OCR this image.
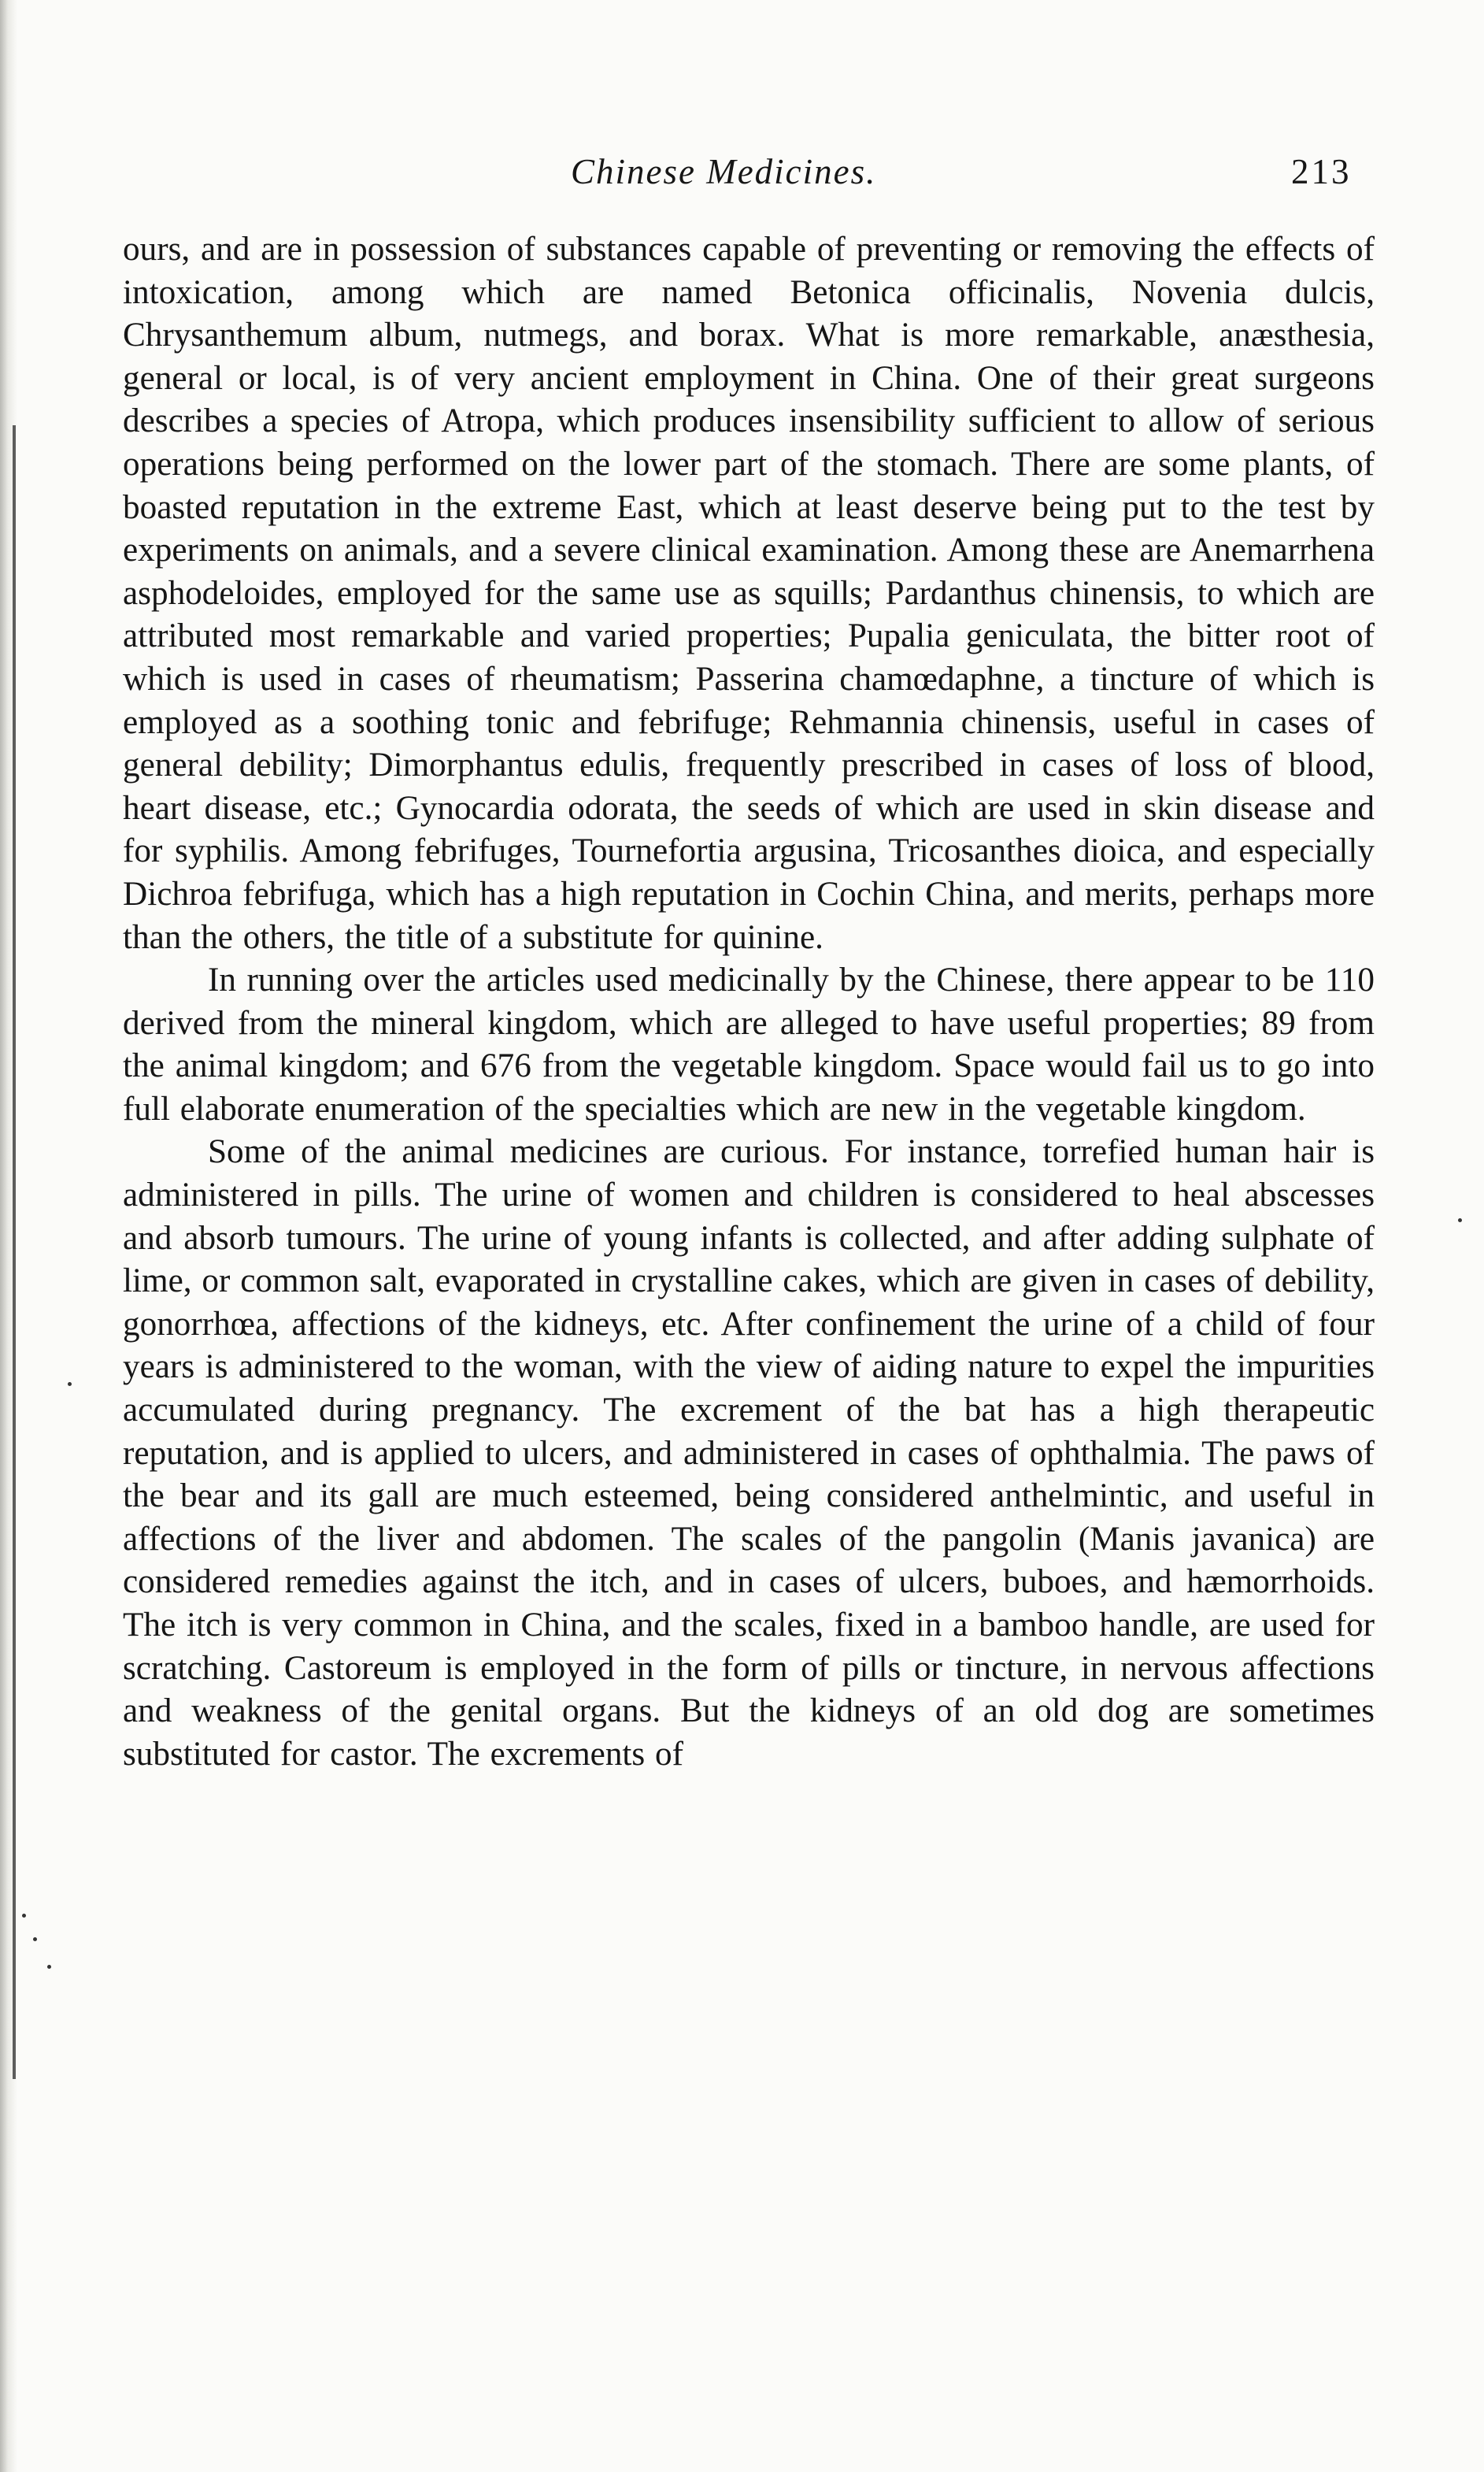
Chinese Medicines.	213

ours, and are in possession of substances capable of preventing or removing the effects of intoxication, among which are named Betonica officinalis, Novenia dulcis, Chrysanthemum album, nutmegs, and borax. What is more remarkable, anæsthesia, general or local, is of very ancient employment in China. One of their great surgeons describes a species of Atropa, which produces insensibility sufficient to allow of serious operations being performed on the lower part of the stomach. There are some plants, of boasted reputation in the extreme East, which at least deserve being put to the test by experiments on animals, and a severe clinical examination. Among these are Anemarrhena asphodeloides, employed for the same use as squills; Pardanthus chinensis, to which are attributed most remarkable and varied properties; Pupalia geniculata, the bitter root of which is used in cases of rheumatism; Passerina chamœdaphne, a tincture of which is employed as a soothing tonic and febrifuge; Rehmannia chinensis, useful in cases of general debility; Dimorphantus edulis, frequently prescribed in cases of loss of blood, heart disease, etc.; Gynocardia odorata, the seeds of which are used in skin disease and for syphilis. Among febrifuges, Tournefortia argusina, Tricosanthes dioica, and especially Dichroa febrifuga, which has a high reputation in Cochin China, and merits, perhaps more than the others, the title of a substitute for quinine.

In running over the articles used medicinally by the Chinese, there appear to be 110 derived from the mineral kingdom, which are alleged to have useful properties; 89 from the animal kingdom; and 676 from the vegetable kingdom. Space would fail us to go into full elaborate enumeration of the specialties which are new in the vegetable kingdom.

Some of the animal medicines are curious. For instance, torrefied human hair is administered in pills. The urine of women and children is considered to heal abscesses and absorb tumours. The urine of young infants is collected, and after adding sulphate of lime, or common salt, evaporated in crystalline cakes, which are given in cases of debility, gonorrhœa, affections of the kidneys, etc. After confinement the urine of a child of four years is administered to the woman, with the view of aiding nature to expel the impurities accumulated during pregnancy. The excrement of the bat has a high therapeutic reputation, and is applied to ulcers, and administered in cases of ophthalmia. The paws of the bear and its gall are much esteemed, being considered anthelmintic, and useful in affections of the liver and abdomen. The scales of the pangolin (Manis javanica) are considered remedies against the itch, and in cases of ulcers, buboes, and hæmorrhoids. The itch is very common in China, and the scales, fixed in a bamboo handle, are used for scratching. Castoreum is employed in the form of pills or tincture, in nervous affections and weakness of the genital organs. But the kidneys of an old dog are sometimes substituted for castor. The excrements of
